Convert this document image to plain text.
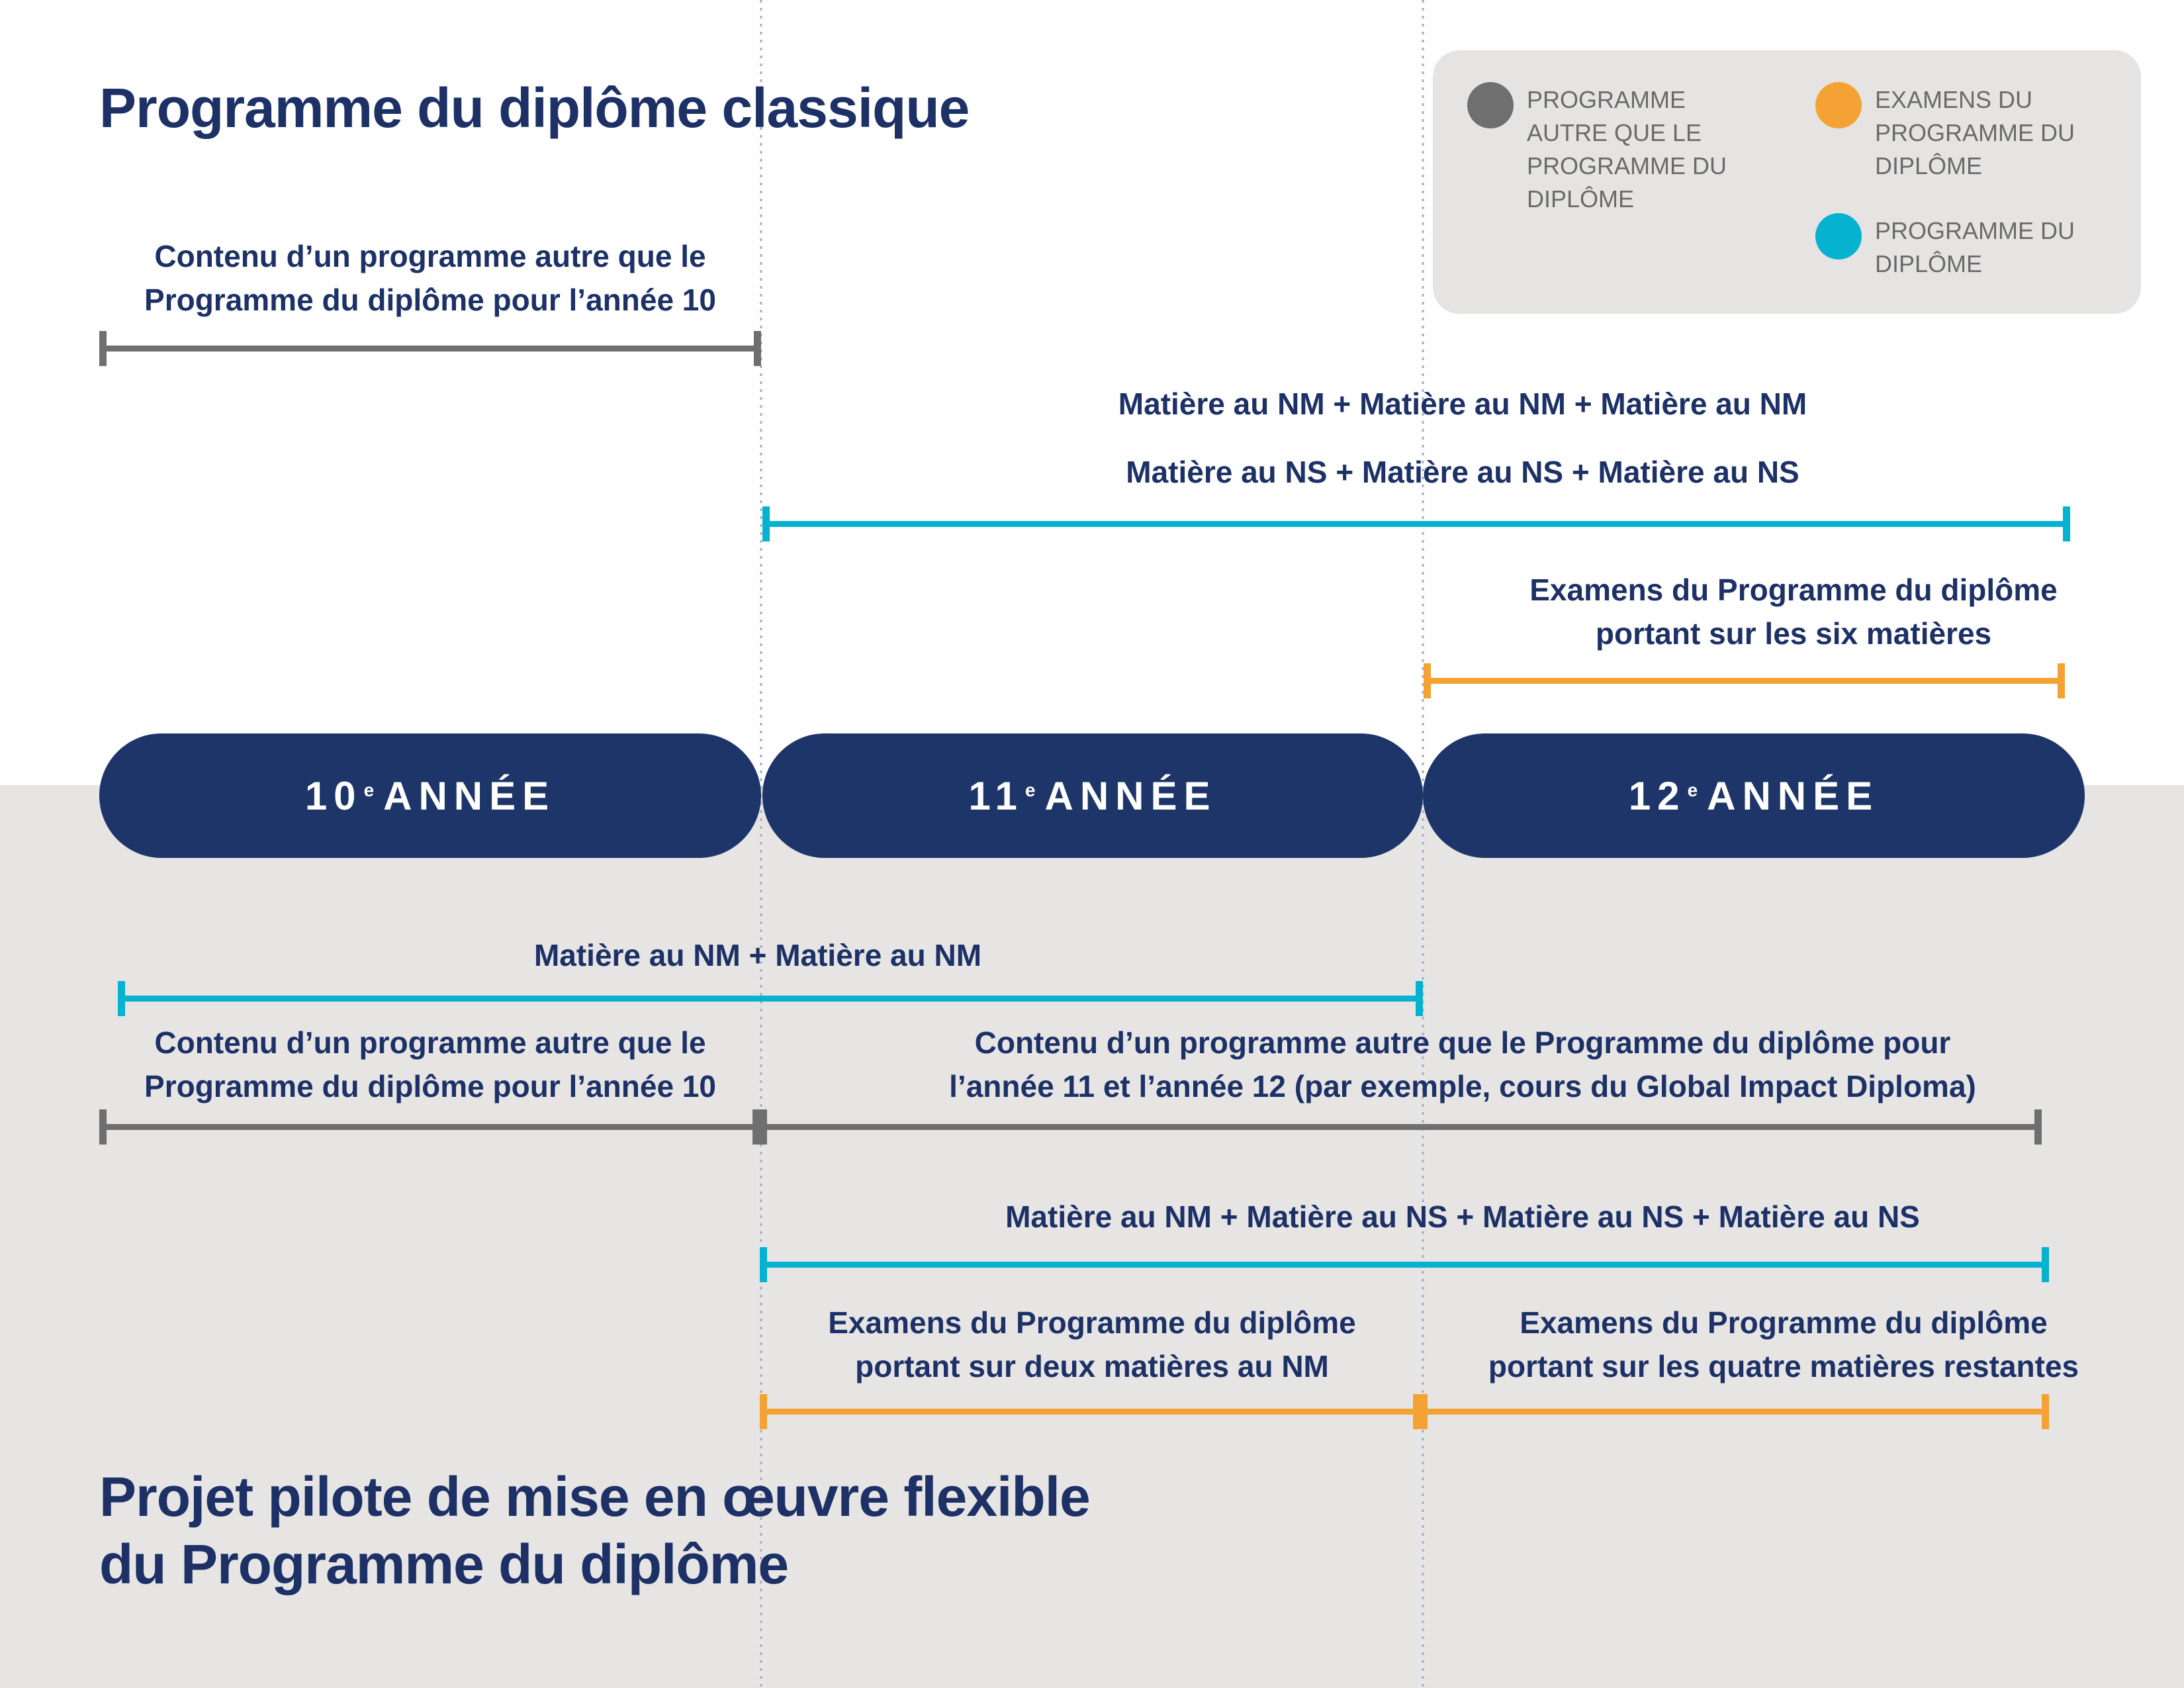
Programme du diplôme classique
Contenu d’un programme autre que le
Programme du diplôme pour l’année 10
Matière au NM + Matière au NM + Matière au NM
Matière au NS + Matière au NS + Matière au NS
Examens du Programme du diplôme
portant sur les six matières
10e ANNÉE	11e ANNÉE	12e ANNÉE
Matière au NM + Matière au NM
Contenu d’un programme autre que le
Programme du diplôme pour l’année 10
Contenu d’un programme autre que le Programme du diplôme pour
l’année 11 et l’année 12 (par exemple, cours du Global Impact Diploma)
Matière au NM + Matière au NS + Matière au NS + Matière au NS
Examens du Programme du diplôme
portant sur deux matières au NM
Examens du Programme du diplôme
portant sur les quatre matières restantes
Projet pilote de mise en œuvre flexible
du Programme du diplôme
PROGRAMME AUTRE QUE LE PROGRAMME DU DIPLÔME
EXAMENS DU PROGRAMME DU DIPLÔME
PROGRAMME DU DIPLÔME
